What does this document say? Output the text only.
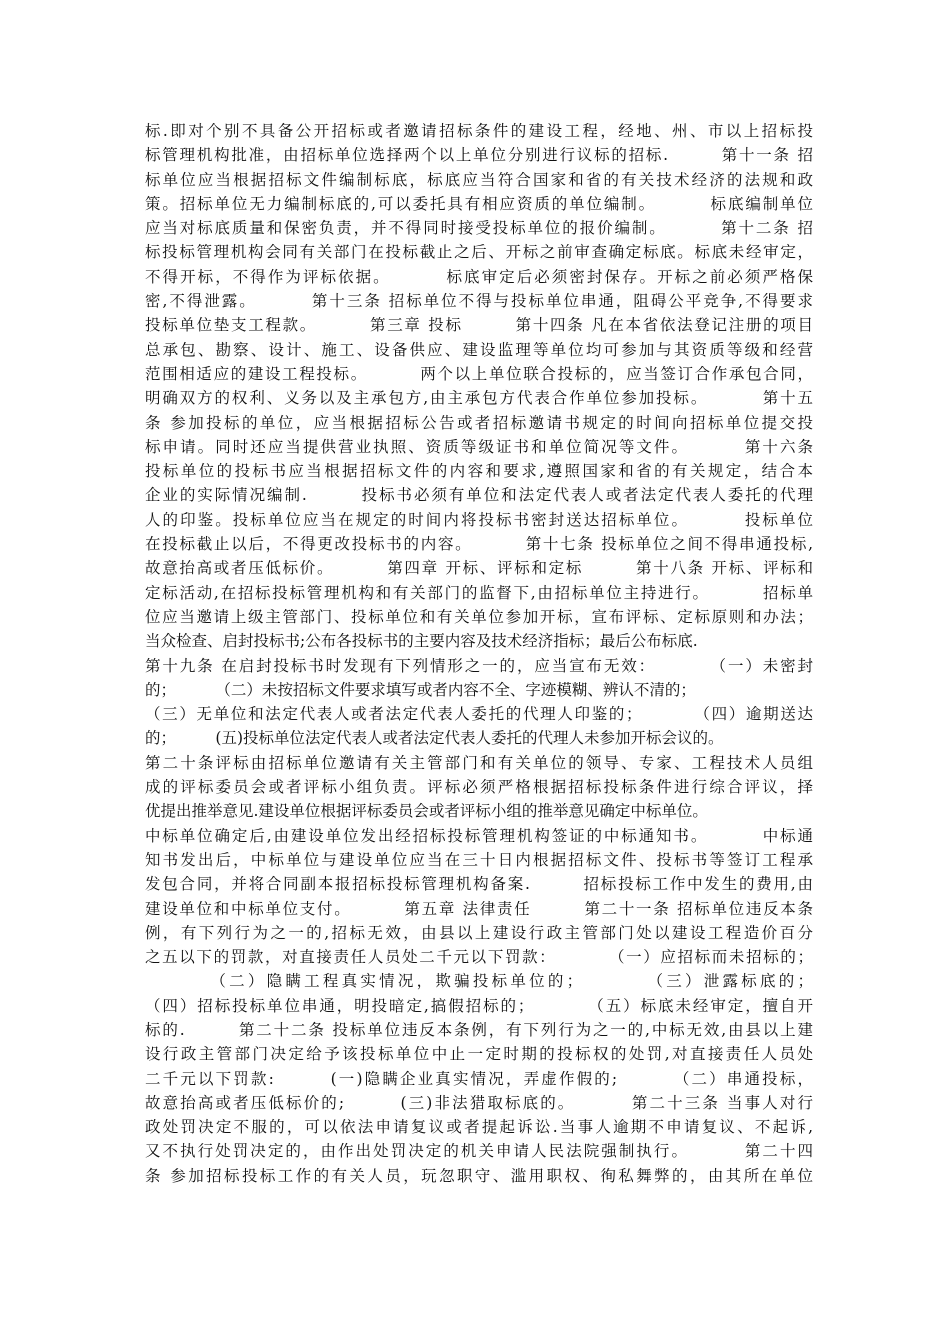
标.即对个别不具备公开招标或者邀请招标条件的建设工程，经地、州、市以上招标投
标管理机构批准，由招标单位选择两个以上单位分别进行议标的招标.        第十一条 招
标单位应当根据招标文件编制标底，标底应当符合国家和省的有关技术经济的法规和政
策。招标单位无力编制标底的,可以委托具有相应资质的单位编制。        标底编制单位
应当对标底质量和保密负责，并不得同时接受投标单位的报价编制。        第十二条 招
标投标管理机构会同有关部门在投标截止之后、开标之前审查确定标底。标底未经审定，
不得开标，不得作为评标依据。        标底审定后必须密封保存。开标之前必须严格保
密,不得泄露。        第十三条 招标单位不得与投标单位串通，阻碍公平竞争,不得要求
投标单位垫支工程款。        第三章 投标        第十四条 凡在本省依法登记注册的项目
总承包、勘察、设计、施工、设备供应、建设监理等单位均可参加与其资质等级和经营
范围相适应的建设工程投标。        两个以上单位联合投标的，应当签订合作承包合同，
明确双方的权利、义务以及主承包方,由主承包方代表合作单位参加投标。        第十五
条 参加投标的单位，应当根据招标公告或者招标邀请书规定的时间向招标单位提交投
标申请。同时还应当提供营业执照、资质等级证书和单位简况等文件。        第十六条
投标单位的投标书应当根据招标文件的内容和要求,遵照国家和省的有关规定，结合本
企业的实际情况编制.        投标书必须有单位和法定代表人或者法定代表人委托的代理
人的印鉴。投标单位应当在规定的时间内将投标书密封送达招标单位。        投标单位
在投标截止以后，不得更改投标书的内容。        第十七条 投标单位之间不得串通投标,
故意抬高或者压低标价。        第四章 开标、评标和定标        第十八条 开标、评标和
定标活动,在招标投标管理机构和有关部门的监督下,由招标单位主持进行。        招标单
位应当邀请上级主管部门、投标单位和有关单位参加开标，宣布评标、定标原则和办法；
当众检查、启封投标书;公布各投标书的主要内容及技术经济指标；最后公布标底.
第十九条 在启封投标书时发现有下列情形之一的，应当宣布无效：        （一）未密封
的；        （二）未按招标文件要求填写或者内容不全、字迹模糊、辨认不清的；
（三）无单位和法定代表人或者法定代表人委托的代理人印鉴的；        （四）逾期送达
的；        (五)投标单位法定代表人或者法定代表人委托的代理人未参加开标会议的。
第二十条评标由招标单位邀请有关主管部门和有关单位的领导、专家、工程技术人员组
成的评标委员会或者评标小组负责。评标必须严格根据招标投标条件进行综合评议，择
优提出推举意见.建设单位根据评标委员会或者评标小组的推举意见确定中标单位。
中标单位确定后,由建设单位发出经招标投标管理机构签证的中标通知书。        中标通
知书发出后，中标单位与建设单位应当在三十日内根据招标文件、投标书等签订工程承
发包合同，并将合同副本报招标投标管理机构备案.        招标投标工作中发生的费用,由
建设单位和中标单位支付。        第五章 法律责任        第二十一条 招标单位违反本条
例，有下列行为之一的,招标无效，由县以上建设行政主管部门处以建设工程造价百分
之五以下的罚款，对直接责任人员处二千元以下罚款：        （一）应招标而未招标的；
（二）隐瞒工程真实情况，欺骗投标单位的；        （三）泄露标底的；
（四）招标投标单位串通，明投暗定,搞假招标的；        （五）标底未经审定，擅自开
标的.        第二十二条 投标单位违反本条例，有下列行为之一的,中标无效,由县以上建
设行政主管部门决定给予该投标单位中止一定时期的投标权的处罚,对直接责任人员处
二千元以下罚款:        (一)隐瞒企业真实情况，弄虚作假的;        （二）串通投标，
故意抬高或者压低标价的;        (三)非法猎取标底的。        第二十三条 当事人对行
政处罚决定不服的，可以依法申请复议或者提起诉讼.当事人逾期不申请复议、不起诉,
又不执行处罚决定的，由作出处罚决定的机关申请人民法院强制执行。        第二十四
条 参加招标投标工作的有关人员，玩忽职守、滥用职权、徇私舞弊的，由其所在单位
